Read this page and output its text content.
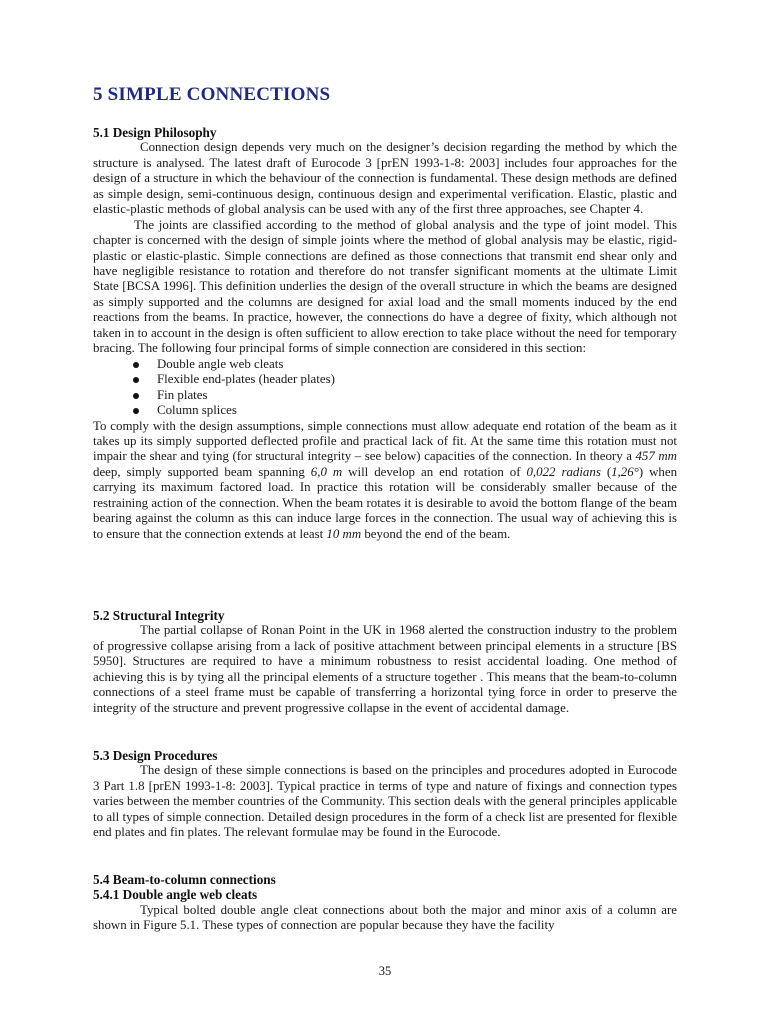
5 SIMPLE CONNECTIONS
5.1 Design Philosophy

Connection design depends very much on the designer’s decision regarding the method by which the structure is analysed. The latest draft of Eurocode 3 [prEN 1993-1-8: 2003] includes four approaches for the design of a structure in which the behaviour of the connection is fundamental. These design methods are defined as simple design, semi-continuous design, continuous design and experimental verification. Elastic, plastic and elastic-plastic methods of global analysis can be used with any of the first three approaches, see Chapter 4.

The joints are classified according to the method of global analysis and the type of joint model. This chapter is concerned with the design of simple joints where the method of global analysis may be elastic, rigid-plastic or elastic-plastic. Simple connections are defined as those connections that transmit end shear only and have negligible resistance to rotation and therefore do not transfer significant moments at the ultimate Limit State [BCSA 1996]. This definition underlies the design of the overall structure in which the beams are designed as simply supported and the columns are designed for axial load and the small moments induced by the end reactions from the beams. In practice, however, the connections do have a degree of fixity, which although not taken in to account in the design is often sufficient to allow erection to take place without the need for temporary bracing. The following four principal forms of simple connection are considered in this section:

Double angle web cleats
Flexible end-plates (header plates)
Fin plates
Column splices

To comply with the design assumptions, simple connections must allow adequate end rotation of the beam as it takes up its simply supported deflected profile and practical lack of fit. At the same time this rotation must not impair the shear and tying (for structural integrity – see below) capacities of the connection. In theory a 457 mm deep, simply supported beam spanning 6,0 m will develop an end rotation of 0,022 radians (1,26°) when carrying its maximum factored load. In practice this rotation will be considerably smaller because of the restraining action of the connection. When the beam rotates it is desirable to avoid the bottom flange of the beam bearing against the column as this can induce large forces in the connection. The usual way of achieving this is to ensure that the connection extends at least 10 mm beyond the end of the beam.

5.2 Structural Integrity

The partial collapse of Ronan Point in the UK in 1968 alerted the construction industry to the problem of progressive collapse arising from a lack of positive attachment between principal elements in a structure [BS 5950]. Structures are required to have a minimum robustness to resist accidental loading. One method of achieving this is by tying all the principal elements of a structure together . This means that the beam-to-column connections of a steel frame must be capable of transferring a horizontal tying force in order to preserve the integrity of the structure and prevent progressive collapse in the event of accidental damage.

5.3 Design Procedures

The design of these simple connections is based on the principles and procedures adopted in Eurocode 3 Part 1.8 [prEN 1993-1-8: 2003]. Typical practice in terms of type and nature of fixings and connection types varies between the member countries of the Community. This section deals with the general principles applicable to all types of simple connection. Detailed design procedures in the form of a check list are presented for flexible end plates and fin plates. The relevant formulae may be found in the Eurocode.

5.4 Beam-to-column connections
5.4.1 Double angle web cleats

Typical bolted double angle cleat connections about both the major and minor axis of a column are shown in Figure 5.1. These types of connection are popular because they have the facility

35
